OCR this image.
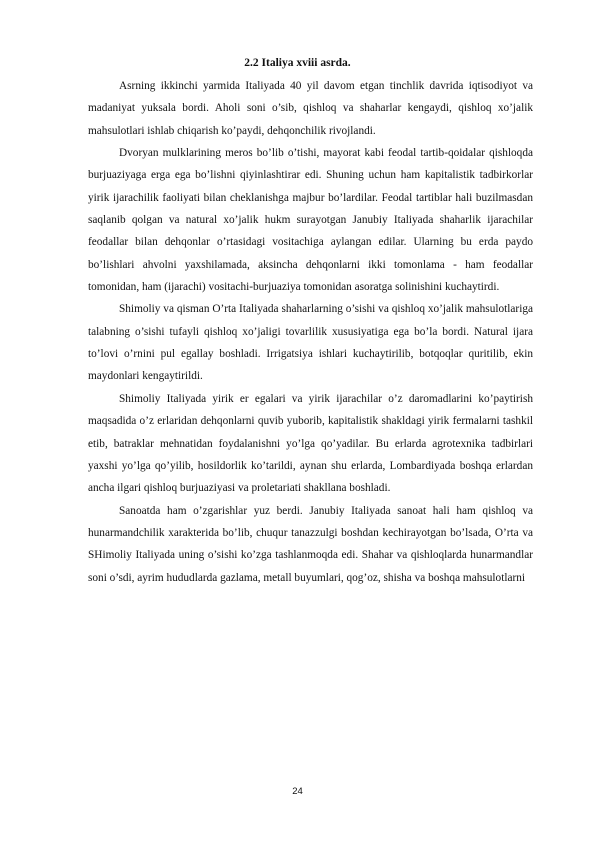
2.2 Italiya xviii asrda.

Asrning ikkinchi yarmida Italiyada 40 yil davom etgan tinchlik davrida iqtisodiyot va madaniyat yuksala bordi. Aholi soni o’sib, qishloq va shaharlar kengaydi, qishloq xo’jalik mahsulotlari ishlab chiqarish ko’paydi, dehqonchilik rivojlandi.

Dvoryan mulklarining meros bo’lib o’tishi, mayorat kabi feodal tartib-qoidalar qishloqda burjuaziyaga erga ega bo’lishni qiyinlashtirar edi. Shuning uchun ham kapitalistik tadbirkorlar yirik ijarachilik faoliyati bilan cheklanishga majbur bo’lardilar. Feodal tartiblar hali buzilmasdan saqlanib qolgan va natural xo’jalik hukm surayotgan Janubiy Italiyada shaharlik ijarachilar feodallar bilan dehqonlar o’rtasidagi vositachiga aylangan edilar. Ularning bu erda paydo bo’lishlari ahvolni yaxshilamada, aksincha dehqonlarni ikki tomonlama - ham feodallar tomonidan, ham (ijarachi) vositachi-burjuaziya tomonidan asoratga solinishini kuchaytirdi.

Shimoliy va qisman O’rta Italiyada shaharlarning o’sishi va qishloq xo’jalik mahsulotlariga talabning o’sishi tufayli qishloq xo’jaligi tovarlilik xususiyatiga ega bo’la bordi. Natural ijara to’lovi o’rnini pul egallay boshladi. Irrigatsiya ishlari kuchaytirilib, botqoqlar quritilib, ekin maydonlari kengaytirildi.

Shimoliy Italiyada yirik er egalari va yirik ijarachilar o’z daromadlarini ko’paytirish maqsadida o’z erlaridan dehqonlarni quvib yuborib, kapitalistik shakldagi yirik fermalarni tashkil etib, batraklar mehnatidan foydalanishni yo’lga qo’yadilar. Bu erlarda agrotexnika tadbirlari yaxshi yo’lga qo’yilib, hosildorlik ko’tarildi, aynan shu erlarda, Lombardiyada boshqa erlardan ancha ilgari qishloq burjuaziyasi va proletariati shakllana boshladi.

Sanoatda ham o’zgarishlar yuz berdi. Janubiy Italiyada sanoat hali ham qishloq va hunarmandchilik xarakterida bo’lib, chuqur tanazzulgi boshdan kechirayotgan bo’lsada, O’rta va SHimoliy Italiyada uning o’sishi ko’zga tashlanmoqda edi. Shahar va qishloqlarda hunarmandlar soni o’sdi, ayrim hududlarda gazlama, metall buyumlari, qog’oz, shisha va boshqa mahsulotlarni

24
